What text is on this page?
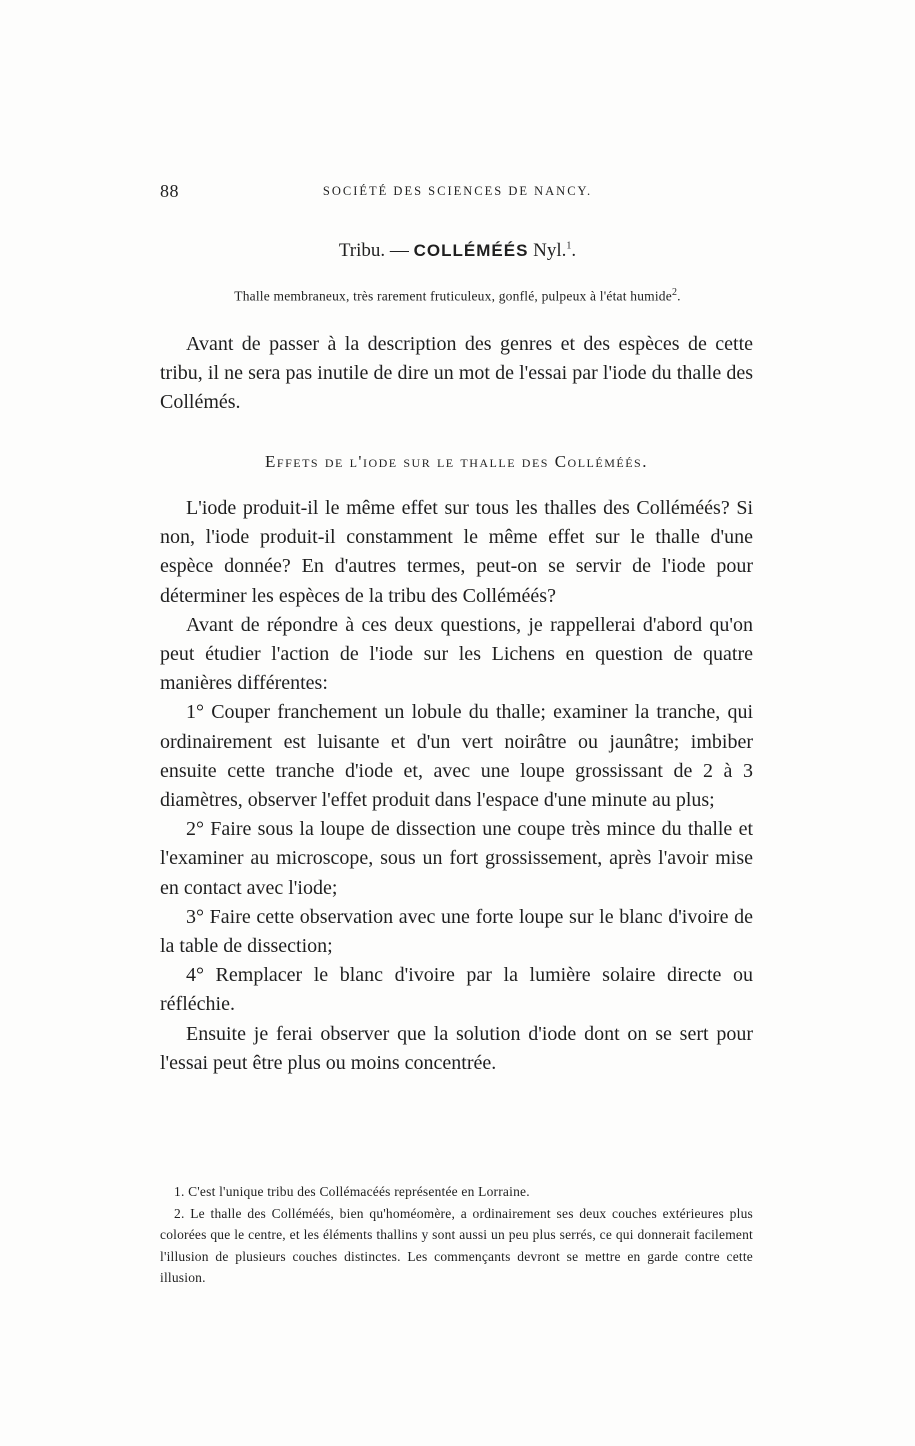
88	SOCIÉTÉ DES SCIENCES DE NANCY.
Tribu. — COLLÉMÉÉS Nyl.$^1$.
Thalle membraneux, très rarement fruticuleux, gonflé, pulpeux à l'état humide$^2$.

Avant de passer à la description des genres et des espèces de cette tribu, il ne sera pas inutile de dire un mot de l'essai par l'iode du thalle des Collémés.

Effets de l'iode sur le thalle des Colléméés.

L'iode produit-il le même effet sur tous les thalles des Colléméés? Si non, l'iode produit-il constamment le même effet sur le thalle d'une espèce donnée? En d'autres termes, peut-on se servir de l'iode pour déterminer les espèces de la tribu des Colléméés?

Avant de répondre à ces deux questions, je rappellerai d'abord qu'on peut étudier l'action de l'iode sur les Lichens en question de quatre manières différentes:

1° Couper franchement un lobule du thalle; examiner la tranche, qui ordinairement est luisante et d'un vert noirâtre ou jaunâtre; imbiber ensuite cette tranche d'iode et, avec une loupe grossissant de 2 à 3 diamètres, observer l'effet produit dans l'espace d'une minute au plus;

2° Faire sous la loupe de dissection une coupe très mince du thalle et l'examiner au microscope, sous un fort grossissement, après l'avoir mise en contact avec l'iode;

3° Faire cette observation avec une forte loupe sur le blanc d'ivoire de la table de dissection;

4° Remplacer le blanc d'ivoire par la lumière solaire directe ou réfléchie.

Ensuite je ferai observer que la solution d'iode dont on se sert pour l'essai peut être plus ou moins concentrée.

1. C'est l'unique tribu des Collémacéés représentée en Lorraine.

2. Le thalle des Colléméés, bien qu'homéomère, a ordinairement ses deux couches extérieures plus colorées que le centre, et les éléments thallins y sont aussi un peu plus serrés, ce qui donnerait facilement l'illusion de plusieurs couches distinctes. Les commençants devront se mettre en garde contre cette illusion.
